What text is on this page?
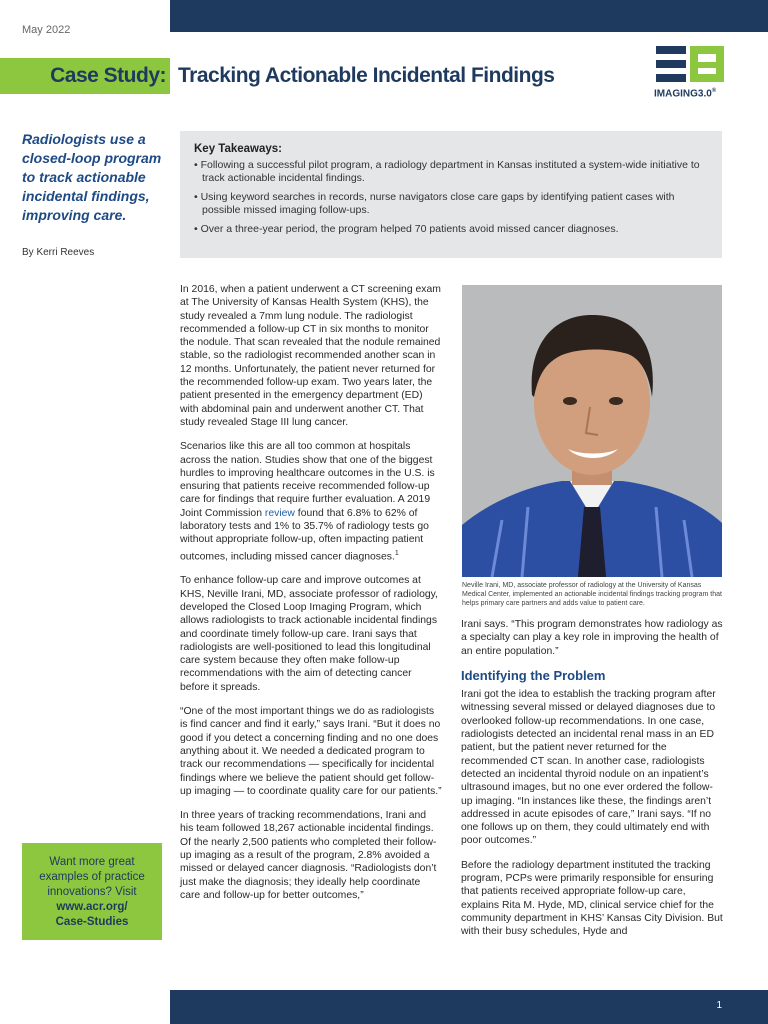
May 2022
Case Study: Tracking Actionable Incidental Findings
IMAGING3.0®
Radiologists use a closed-loop program to track actionable incidental findings, improving care.
By Kerri Reeves
Key Takeaways:
• Following a successful pilot program, a radiology department in Kansas instituted a system-wide initiative to track actionable incidental findings.
• Using keyword searches in records, nurse navigators close care gaps by identifying patient cases with possible missed imaging follow-ups.
• Over a three-year period, the program helped 70 patients avoid missed cancer diagnoses.

In 2016, when a patient underwent a CT screening exam at The University of Kansas Health System (KHS), the study revealed a 7mm lung nodule. The radiologist recommended a follow-up CT in six months to monitor the nodule. That scan revealed that the nodule remained stable, so the radiologist recommended another scan in 12 months. Unfortunately, the patient never returned for the recommended follow-up exam. Two years later, the patient presented in the emergency department (ED) with abdominal pain and underwent another CT. That study revealed Stage III lung cancer.

Scenarios like this are all too common at hospitals across the nation. Studies show that one of the biggest hurdles to improving healthcare outcomes in the U.S. is ensuring that patients receive recommended follow-up care for findings that require further evaluation. A 2019 Joint Commission review found that 6.8% to 62% of laboratory tests and 1% to 35.7% of radiology tests go without appropriate follow-up, often impacting patient outcomes, including missed cancer diagnoses.$^1$

To enhance follow-up care and improve outcomes at KHS, Neville Irani, MD, associate professor of radiology, developed the Closed Loop Imaging Program, which allows radiologists to track actionable incidental findings and coordinate timely follow-up care. Irani says that radiologists are well-positioned to lead this longitudinal care system because they often make follow-up recommendations with the aim of detecting cancer before it spreads.

“One of the most important things we do as radiologists is find cancer and find it early,” says Irani. “But it does no good if you detect a concerning finding and no one does anything about it. We needed a dedicated program to track our recommendations — specifically for incidental findings where we believe the patient should get follow-up imaging — to coordinate quality care for our patients.”

In three years of tracking recommendations, Irani and his team followed 18,267 actionable incidental findings. Of the nearly 2,500 patients who completed their follow-up imaging as a result of the program, 2.8% avoided a missed or delayed cancer diagnosis. “Radiologists don’t just make the diagnosis; they ideally help coordinate care and follow-up for better outcomes,”

Neville Irani, MD, associate professor of radiology at the University of Kansas Medical Center, implemented an actionable incidental findings tracking program that helps primary care partners and adds value to patient care.

Irani says. “This program demonstrates how radiology as a specialty can play a key role in improving the health of an entire population.”

Identifying the Problem

Irani got the idea to establish the tracking program after witnessing several missed or delayed diagnoses due to overlooked follow-up recommendations. In one case, radiologists detected an incidental renal mass in an ED patient, but the patient never returned for the recommended CT scan. In another case, radiologists detected an incidental thyroid nodule on an inpatient’s ultrasound images, but no one ever ordered the follow-up imaging. “In instances like these, the findings aren’t addressed in acute episodes of care,” Irani says. “If no one follows up on them, they could ultimately end with poor outcomes.”

Before the radiology department instituted the tracking program, PCPs were primarily responsible for ensuring that patients received appropriate follow-up care, explains Rita M. Hyde, MD, clinical service chief for the community department in KHS’ Kansas City Division. But with their busy schedules, Hyde and

Want more great examples of practice innovations? Visit
www.acr.org/
Case-Studies
1
